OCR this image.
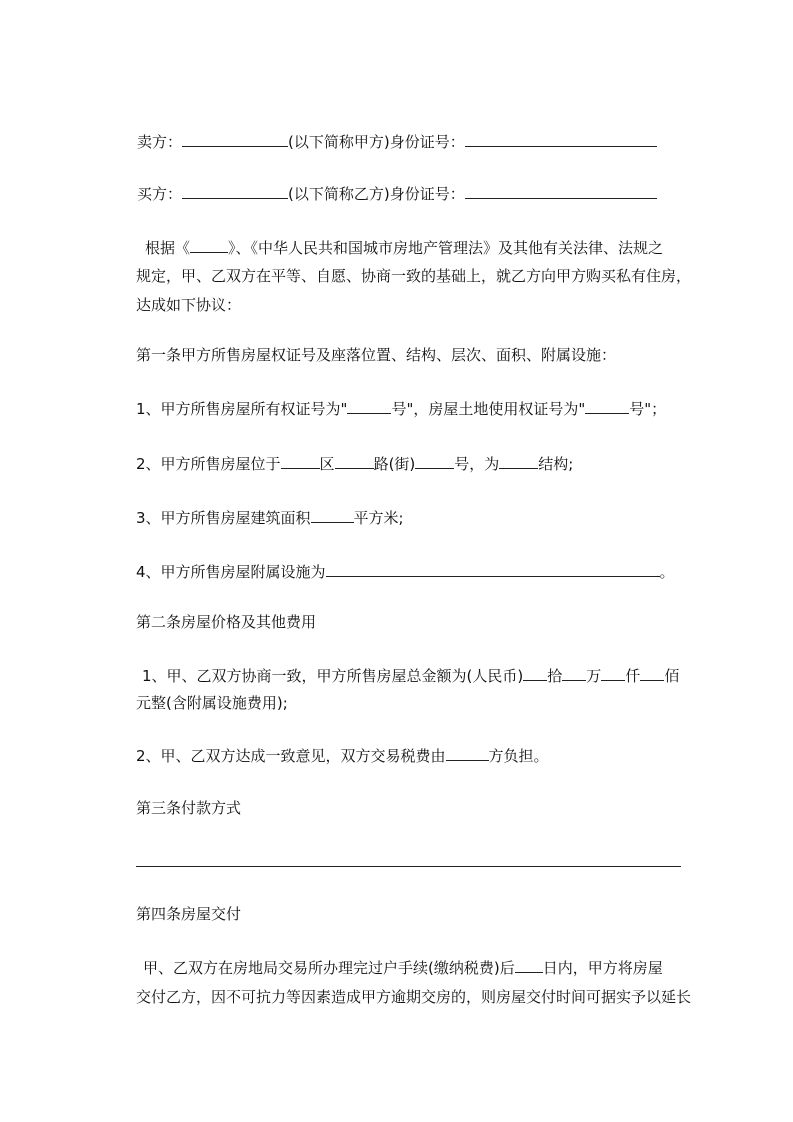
卖方：	(以下简称甲方)身份证号：
买方：	(以下简称乙方)身份证号：
根据《	》、《中华人民共和国城市房地产管理法》及其他有关法律、法规之
规定，甲、乙双方在平等、自愿、协商一致的基础上，就乙方向甲方购买私有住房，
达成如下协议：
第一条甲方所售房屋权证号及座落位置、结构、层次、面积、附属设施：
1、甲方所售房屋所有权证号为"	号"，房屋土地使用权证号为"	号"；
2、甲方所售房屋位于	区	路(街)	号，为	结构;
3、甲方所售房屋建筑面积	平方米;
4、甲方所售房屋附属设施为	。
第二条房屋价格及其他费用
1、甲、乙双方协商一致，甲方所售房屋总金额为(人民币) 拾 万 仟 佰
元整(含附属设施费用);
2、甲、乙双方达成一致意见，双方交易税费由	方负担。
第三条付款方式
第四条房屋交付
甲、乙双方在房地局交易所办理完过户手续(缴纳税费)后 日内，甲方将房屋
交付乙方，因不可抗力等因素造成甲方逾期交房的，则房屋交付时间可据实予以延长
